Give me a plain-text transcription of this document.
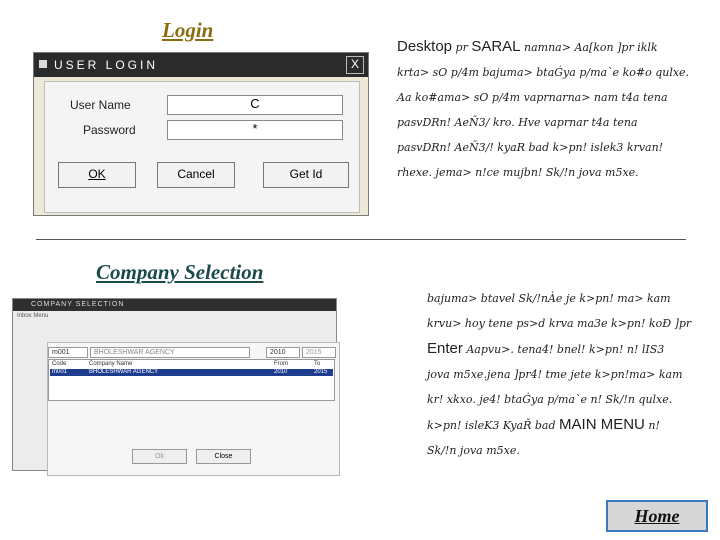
Login
USER LOGIN	X
User Name	C
Password	*
OK	Cancel	Get Id
Desktop pr SARAL namna> Aa[kon ]pr iklk
krta> sO p/4m bajuma> btaĠya p/ma`e ko#o qulxe.
Aa ko#ama> sO p/4m vaprnarna> nam t4a tena
pasvDRn! AeÑ3/ kro. Hve vaprnar t4a tena
pasvDRn! AeÑ3/! kyaR bad k>pn! islek3 krvan!
rhexe. jema> n!ce mujbn! Sk/!n jova m5xe.
Company Selection
COMPANY SELECTION
Inbox Menu
m001	BHOLESHWAR AGENCY	2010	2015
Code	Company Name	From	To
m001	BHOLESHWAR AGENCY	2010	2015
Ok	Close
bajuma> btavel Sk/!nÀe je k>pn! ma> kam
krvu> hoy tene ps>d krva ma3e k>pn! koÐ ]pr
Enter Aapvu>. tena4! bnel! k>pn! n! lIS3
jova m5xe.jena ]pr4! tme jete k>pn!ma> kam
kr! xkxo. je4! btaĠya p/ma`e n! Sk/!n qulxe.
k>pn! isleK3 KyaŘ bad MAIN MENU n!
Sk/!n jova m5xe.
Home
